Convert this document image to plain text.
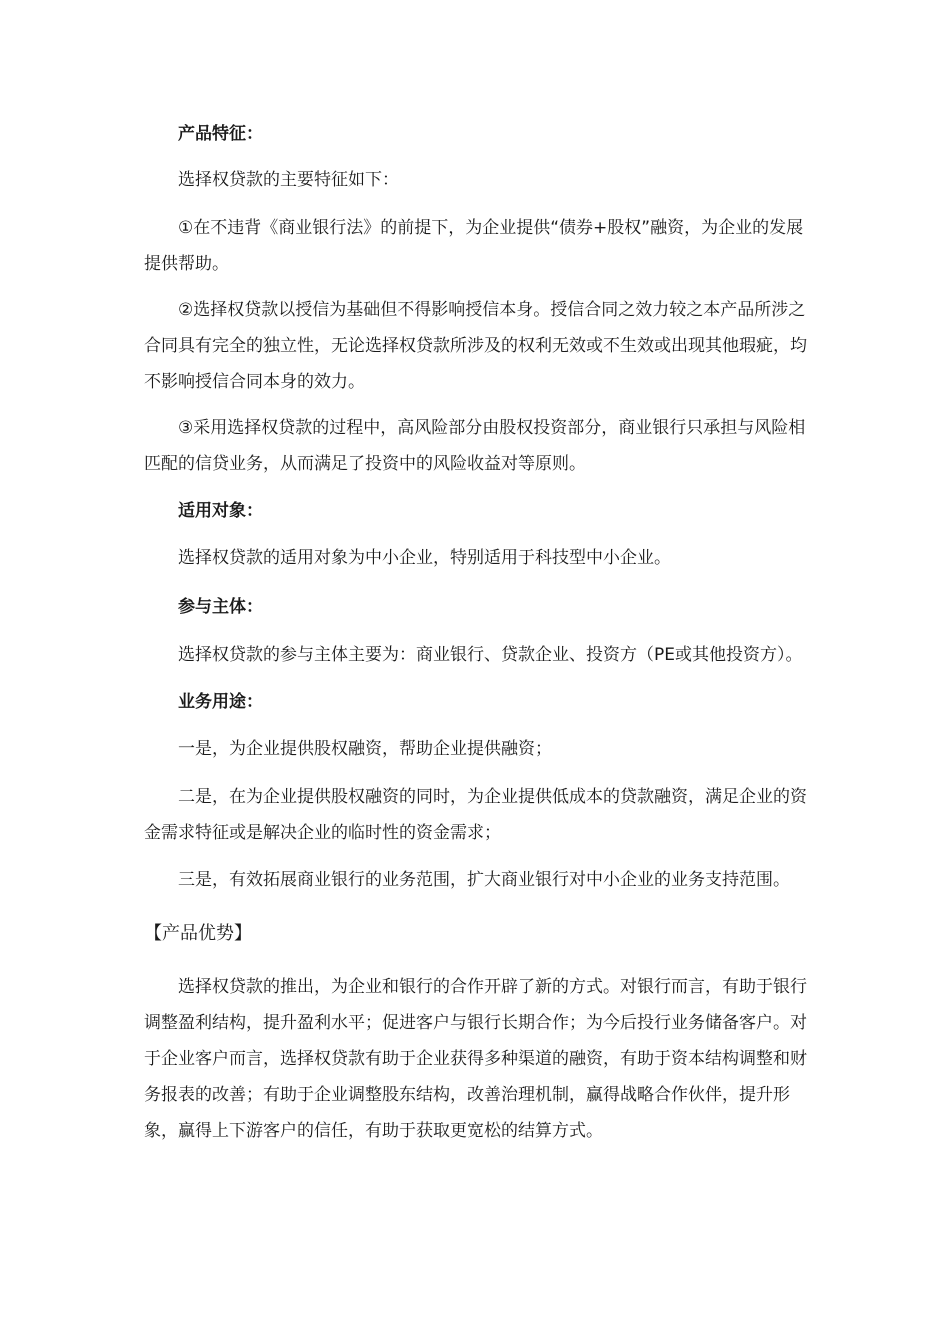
产品特征：

选择权贷款的主要特征如下：

①在不违背《商业银行法》的前提下，为企业提供“债券+股权”融资，为企业的发展提供帮助。

②选择权贷款以授信为基础但不得影响授信本身。授信合同之效力较之本产品所涉之合同具有完全的独立性，无论选择权贷款所涉及的权利无效或不生效或出现其他瑕疵，均不影响授信合同本身的效力。

③采用选择权贷款的过程中，高风险部分由股权投资部分，商业银行只承担与风险相匹配的信贷业务，从而满足了投资中的风险收益对等原则。

适用对象：

选择权贷款的适用对象为中小企业，特别适用于科技型中小企业。

参与主体：

选择权贷款的参与主体主要为：商业银行、贷款企业、投资方（PE或其他投资方）。

业务用途：

一是，为企业提供股权融资，帮助企业提供融资；

二是，在为企业提供股权融资的同时，为企业提供低成本的贷款融资，满足企业的资金需求特征或是解决企业的临时性的资金需求；

三是，有效拓展商业银行的业务范围，扩大商业银行对中小企业的业务支持范围。

【产品优势】

选择权贷款的推出，为企业和银行的合作开辟了新的方式。对银行而言，有助于银行调整盈利结构，提升盈利水平；促进客户与银行长期合作；为今后投行业务储备客户。对于企业客户而言，选择权贷款有助于企业获得多种渠道的融资，有助于资本结构调整和财务报表的改善；有助于企业调整股东结构，改善治理机制，赢得战略合作伙伴，提升形象，赢得上下游客户的信任，有助于获取更宽松的结算方式。
